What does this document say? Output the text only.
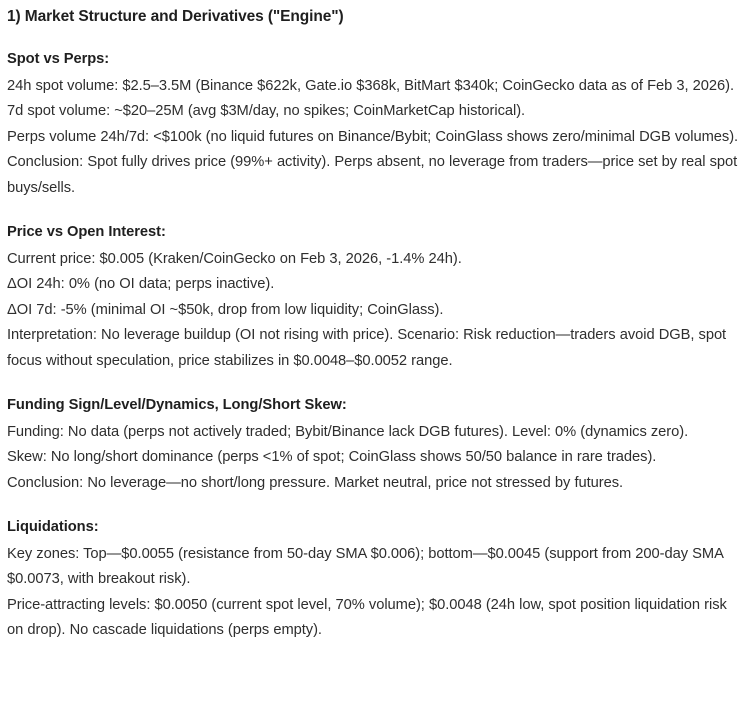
1) Market Structure and Derivatives ("Engine")
Spot vs Perps:
24h spot volume: $2.5–3.5M (Binance $622k, Gate.io $368k, BitMart $340k; CoinGecko data as of Feb 3, 2026).
7d spot volume: ~$20–25M (avg $3M/day, no spikes; CoinMarketCap historical).
Perps volume 24h/7d: <$100k (no liquid futures on Binance/Bybit; CoinGlass shows zero/minimal DGB volumes).
Conclusion: Spot fully drives price (99%+ activity). Perps absent, no leverage from traders—price set by real spot buys/sells.
Price vs Open Interest:
Current price: $0.005 (Kraken/CoinGecko on Feb 3, 2026, -1.4% 24h).
ΔOI 24h: 0% (no OI data; perps inactive).
ΔOI 7d: -5% (minimal OI ~$50k, drop from low liquidity; CoinGlass).
Interpretation: No leverage buildup (OI not rising with price). Scenario: Risk reduction—traders avoid DGB, spot focus without speculation, price stabilizes in $0.0048–$0.0052 range.
Funding Sign/Level/Dynamics, Long/Short Skew:
Funding: No data (perps not actively traded; Bybit/Binance lack DGB futures). Level: 0% (dynamics zero).
Skew: No long/short dominance (perps <1% of spot; CoinGlass shows 50/50 balance in rare trades).
Conclusion: No leverage—no short/long pressure. Market neutral, price not stressed by futures.
Liquidations:
Key zones: Top—$0.0055 (resistance from 50-day SMA $0.006); bottom—$0.0045 (support from 200-day SMA $0.0073, with breakout risk).
Price-attracting levels: $0.0050 (current spot level, 70% volume); $0.0048 (24h low, spot position liquidation risk on drop). No cascade liquidations (perps empty).
